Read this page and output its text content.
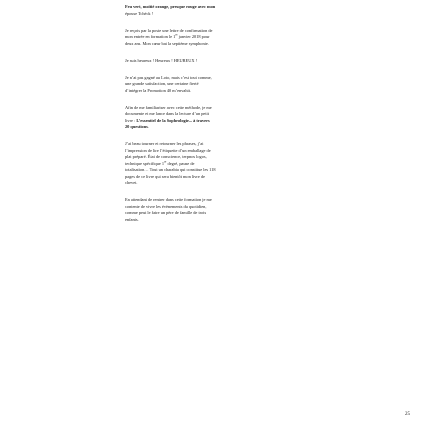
Feu vert, moitié orange, presque rouge avec mon
épouse Tchéck !
Je reçois par la poste une lettre de confirmation de
mon entrée en formation le 1er janvier 2018 pour
deux ans. Mon cœur bat la septième symphonie.
Je suis heureux ! Heureux ! HEUREUX !
Je n’ai pas gagné au Loto, mais c’est tout comme,
une grande satisfaction, une certaine fierté
d’intégrer la Promotion 40 m’envahit.
Afin de me familiariser avec cette méthode, je me
documente et me lance dans la lecture d’un petit
livre : L’essentiel de la Sophrologie... à travers
20 questions.
J’ai beau tourner et retourner les phrases, j’ai
l’impression de lire l’étiquette d’un emballage de
plat préparé. État de conscience, terpnos logos,
technique spécifique 1er degré, pause de
totalisation… Tout un charabia qui constitue les 118
pages de ce livre qui sera bientôt mon livre de
chevet.
En attendant de rentrer dans cette formation je me
contente de vivre les évènements du quotidien,
comme peut le faire un père de famille de trois
enfants.
25
